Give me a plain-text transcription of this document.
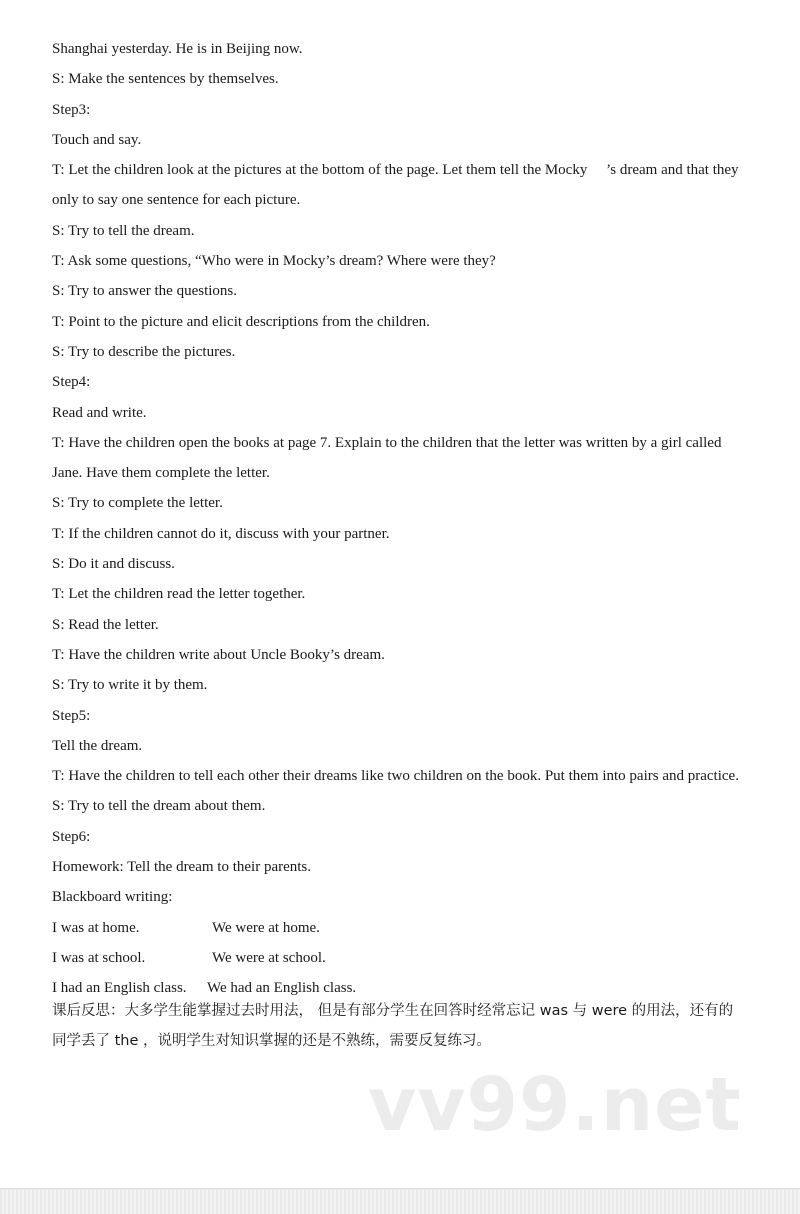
Shanghai yesterday. He is in Beijing now.
S: Make the sentences by themselves.
Step3:
Touch and say.
T: Let the children look at the pictures at the bottom of the page. Let them tell the Mocky     ’s dream and that they
only to say one sentence for each picture.
S: Try to tell the dream.
T: Ask some questions, “Who were in Mocky’s dream? Where were they?
S: Try to answer the questions.
T: Point to the picture and elicit descriptions from the children.
S: Try to describe the pictures.
Step4:
Read and write.
T: Have the children open the books at page 7. Explain to the children that the letter was written by a girl called
Jane. Have them complete the letter.
S: Try to complete the letter.
T: If the children cannot do it, discuss with your partner.
S: Do it and discuss.
T: Let the children read the letter together.
S: Read the letter.
T: Have the children write about Uncle Booky’s dream.
S: Try to write it by them.
Step5:
Tell the dream.
T: Have the children to tell each other their dreams like two children on the book. Put them into pairs and practice.
S: Try to tell the dream about them.
Step6:
Homework: Tell the dream to their parents.
Blackboard writing:
I was at home.	We were at home.
I was at school.	We were at school.
I had an English class. We had an English class.
课后反思：大多学生能掌握过去时用法， 但是有部分学生在回答时经常忘记 was 与 were 的用法，还有的
同学丢了 the ，说明学生对知识掌握的还是不熟练，需要反复练习。
vv99.net
